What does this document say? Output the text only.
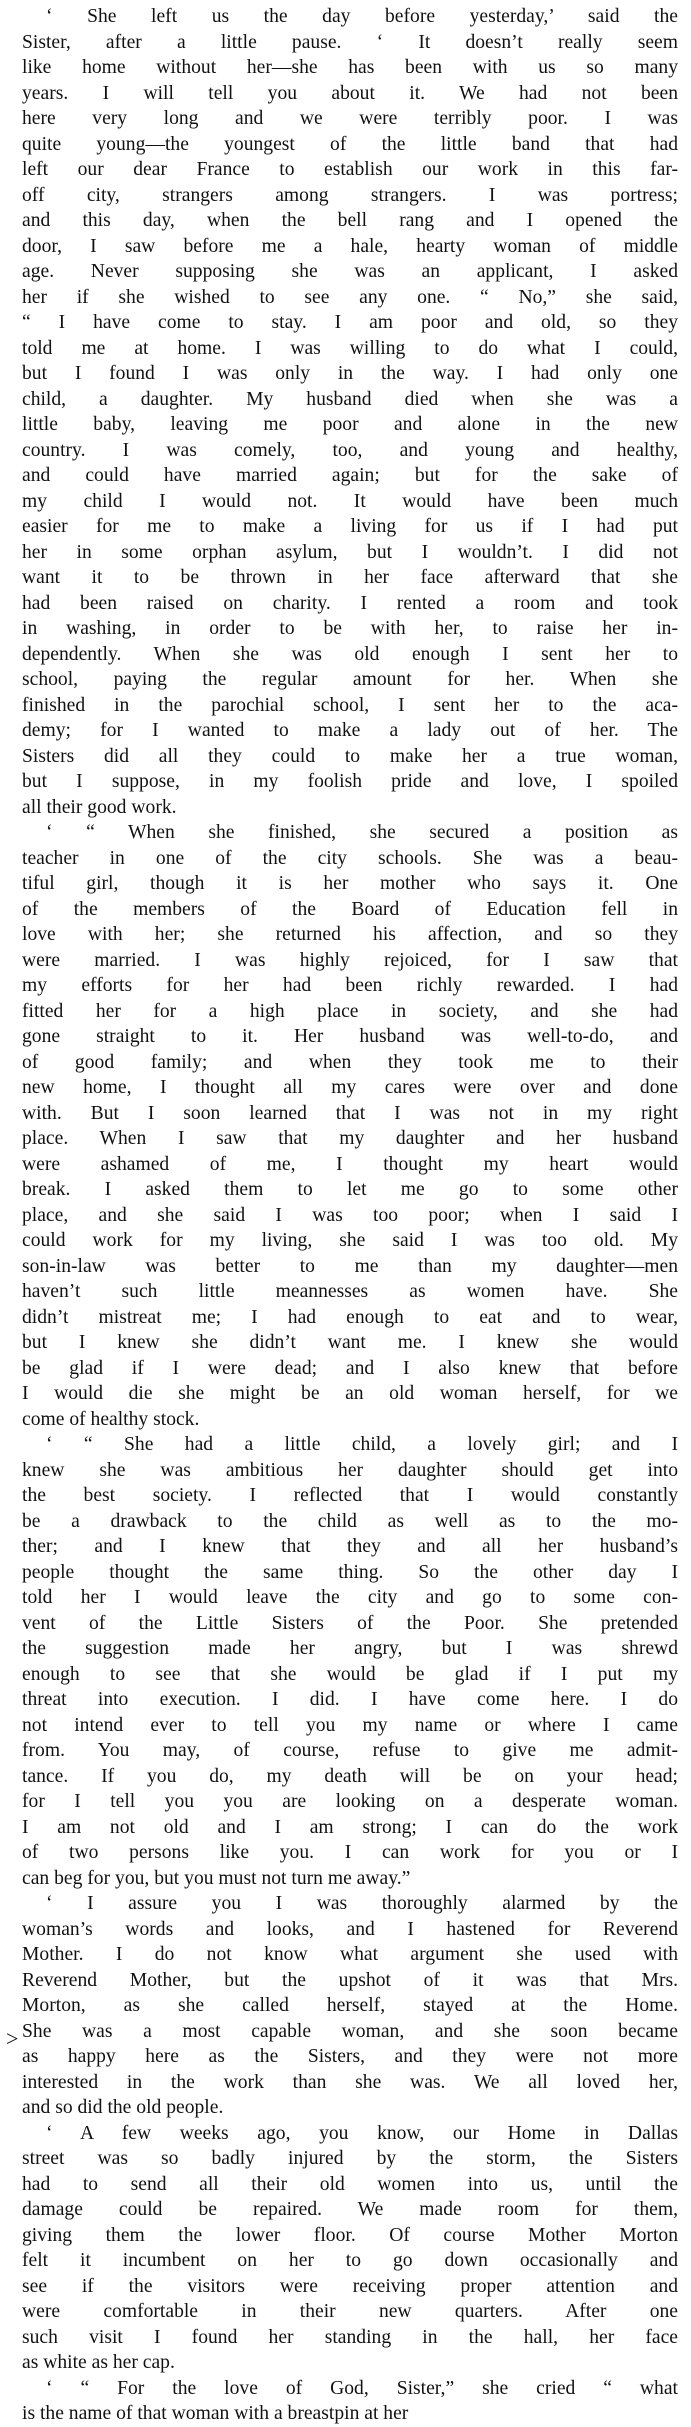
˃

‘ She left us the day before yesterday,’ said the
Sister, after a little pause. ‘ It doesn’t really seem
like home without her—she has been with us so many
years. I will tell you about it. We had not been
here very long and we were terribly poor. I was
quite young—the youngest of the little band that had
left our dear France to establish our work in this far-
off city, strangers among strangers. I was portress;
and this day, when the bell rang and I opened the
door, I saw before me a hale, hearty woman of middle
age. Never supposing she was an applicant, I asked
her if she wished to see any one. “ No,” she said,
“ I have come to stay. I am poor and old, so they
told me at home. I was willing to do what I could,
but I found I was only in the way. I had only one
child, a daughter. My husband died when she was a
little baby, leaving me poor and alone in the new
country. I was comely, too, and young and healthy,
and could have married again; but for the sake of
my child I would not. It would have been much
easier for me to make a living for us if I had put
her in some orphan asylum, but I wouldn’t. I did not
want it to be thrown in her face afterward that she
had been raised on charity. I rented a room and took
in washing, in order to be with her, to raise her in-
dependently. When she was old enough I sent her to
school, paying the regular amount for her. When she
finished in the parochial school, I sent her to the aca-
demy; for I wanted to make a lady out of her. The
Sisters did all they could to make her a true woman,
but I suppose, in my foolish pride and love, I spoiled
all their good work.

‘ “ When she finished, she secured a position as
teacher in one of the city schools. She was a beau-
tiful girl, though it is her mother who says it. One
of the members of the Board of Education fell in
love with her; she returned his affection, and so they
were married. I was highly rejoiced, for I saw that
my efforts for her had been richly rewarded. I had
fitted her for a high place in society, and she had
gone straight to it. Her husband was well-to-do, and
of good family; and when they took me to their
new home, I thought all my cares were over and done
with. But I soon learned that I was not in my right
place. When I saw that my daughter and her husband
were ashamed of me, I thought my heart would
break. I asked them to let me go to some other
place, and she said I was too poor; when I said I
could work for my living, she said I was too old. My
son-in-law was better to me than my daughter—men
haven’t such little meannesses as women have. She
didn’t mistreat me; I had enough to eat and to wear,
but I knew she didn’t want me. I knew she would
be glad if I were dead; and I also knew that before
I would die she might be an old woman herself, for we
come of healthy stock.

‘ “ She had a little child, a lovely girl; and I
knew she was ambitious her daughter should get into
the best society. I reflected that I would constantly
be a drawback to the child as well as to the mo-
ther; and I knew that they and all her husband’s
people thought the same thing. So the other day I
told her I would leave the city and go to some con-
vent of the Little Sisters of the Poor. She pretended
the suggestion made her angry, but I was shrewd
enough to see that she would be glad if I put my
threat into execution. I did. I have come here. I do
not intend ever to tell you my name or where I came
from. You may, of course, refuse to give me admit-
tance. If you do, my death will be on your head;
for I tell you you are looking on a desperate woman.
I am not old and I am strong; I can do the work
of two persons like you. I can work for you or I
can beg for you, but you must not turn me away.”

‘ I assure you I was thoroughly alarmed by the
woman’s words and looks, and I hastened for Reverend
Mother. I do not know what argument she used with
Reverend Mother, but the upshot of it was that Mrs.
Morton, as she called herself, stayed at the Home.
She was a most capable woman, and she soon became
as happy here as the Sisters, and they were not more
interested in the work than she was. We all loved her,
and so did the old people.

‘ A few weeks ago, you know, our Home in Dallas
street was so badly injured by the storm, the Sisters
had to send all their old women into us, until the
damage could be repaired. We made room for them,
giving them the lower floor. Of course Mother Morton
felt it incumbent on her to go down occasionally and
see if the visitors were receiving proper attention and
were comfortable in their new quarters. After one
such visit I found her standing in the hall, her face
as white as her cap.

‘ “ For the love of God, Sister,” she cried “ what
is the name of that woman with a breastpin at her
